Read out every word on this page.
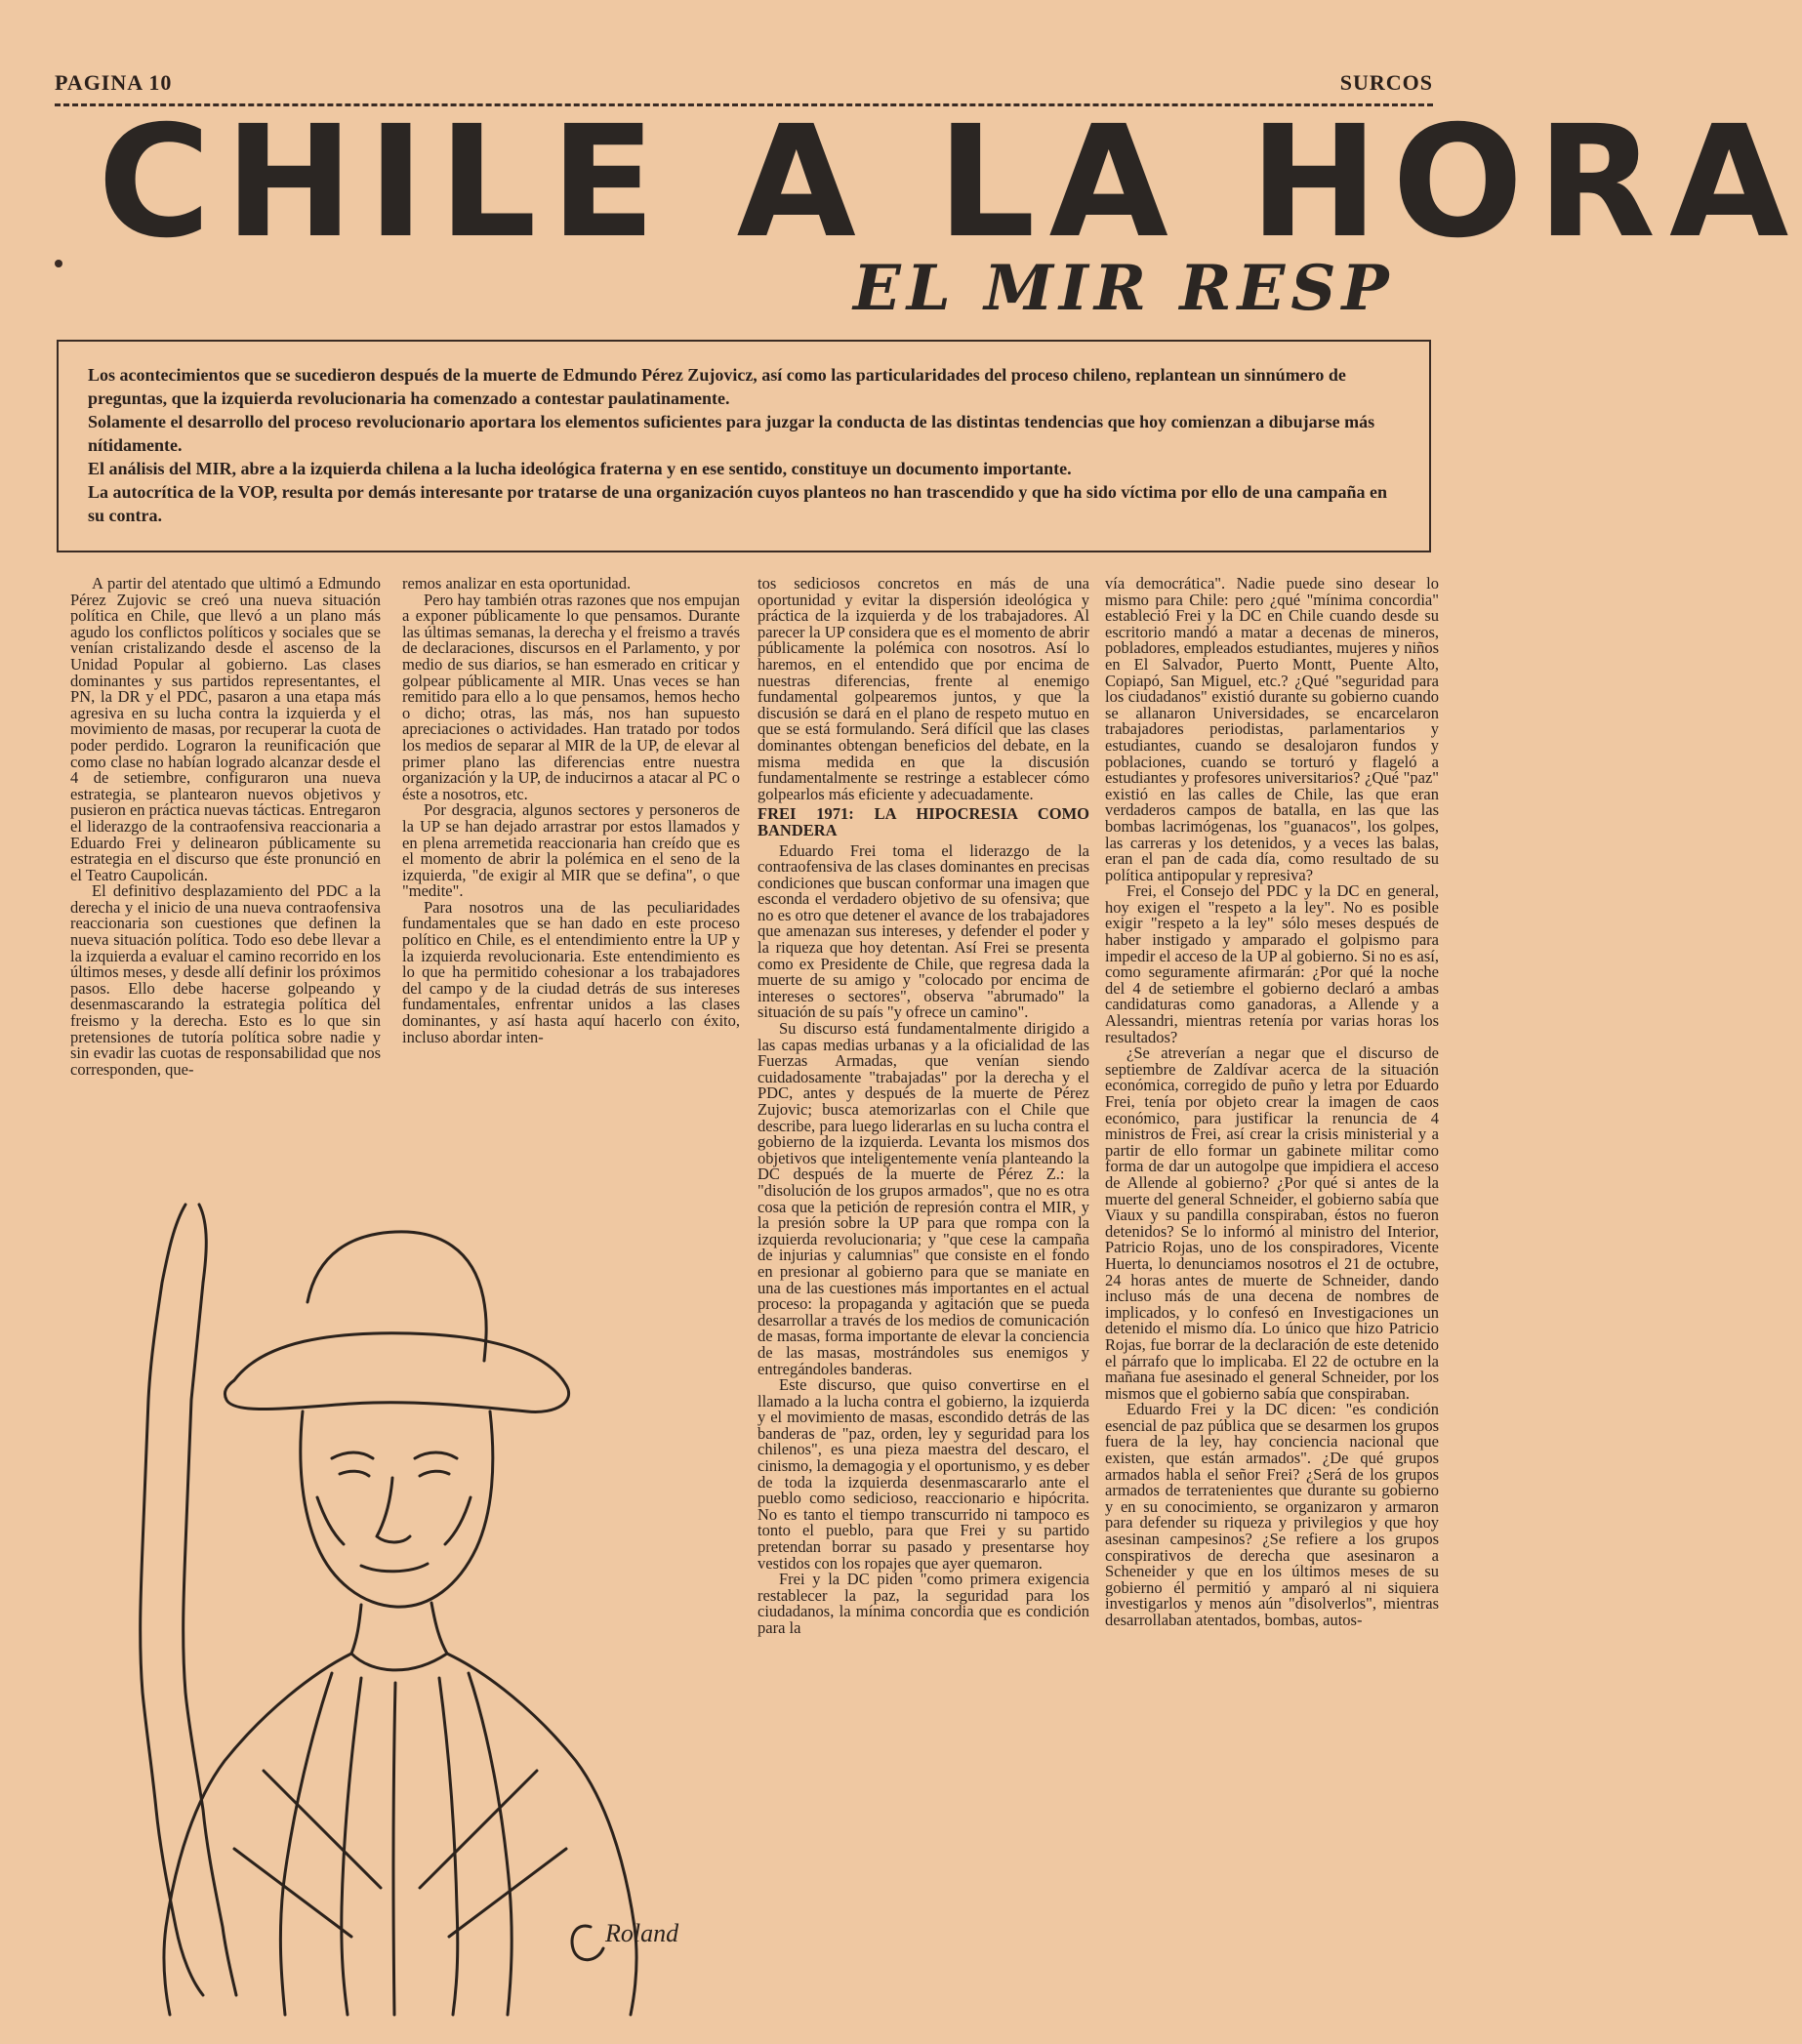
PAGINA 10	SURCOS
CHILE A LA HORA
EL MIR RESP

Los acontecimientos que se sucedieron después de la muerte de Edmundo Pérez Zujovicz, así como las particularidades del proceso chileno, replantean un sinnúmero de preguntas, que la izquierda revolucionaria ha comenzado a contestar paulatinamente.

Solamente el desarrollo del proceso revolucionario aportara los elementos suficientes para juzgar la conducta de las distintas tendencias que hoy comienzan a dibujarse más nítidamente.

El análisis del MIR, abre a la izquierda chilena a la lucha ideológica fraterna y en ese sentido, constituye un documento importante.

La autocrítica de la VOP, resulta por demás interesante por tratarse de una organización cuyos planteos no han trascendido y que ha sido víctima por ello de una campaña en su contra.

A partir del atentado que ultimó a Edmundo Pérez Zujovic se creó una nueva situación política en Chile, que llevó a un plano más agudo los conflictos políticos y sociales que se venían cristalizando desde el ascenso de la Unidad Popular al gobierno. Las clases dominantes y sus partidos representantes, el PN, la DR y el PDC, pasaron a una etapa más agresiva en su lucha contra la izquierda y el movimiento de masas, por recuperar la cuota de poder perdido. Lograron la reunificación que como clase no habían logrado alcanzar desde el 4 de setiembre, configuraron una nueva estrategia, se plantearon nuevos objetivos y pusieron en práctica nuevas tácticas. Entregaron el liderazgo de la contraofensiva reaccionaria a Eduardo Frei y delinearon públicamente su estrategia en el discurso que éste pronunció en el Teatro Caupolicán.

El definitivo desplazamiento del PDC a la derecha y el inicio de una nueva contraofensiva reaccionaria son cuestiones que definen la nueva situación política. Todo eso debe llevar a la izquierda a evaluar el camino recorrido en los últimos meses, y desde allí definir los próximos pasos. Ello debe hacerse golpeando y desenmascarando la estrategia política del freismo y la derecha. Esto es lo que sin pretensiones de tutoría política sobre nadie y sin evadir las cuotas de responsabilidad que nos corresponden, que-

remos analizar en esta oportunidad.

Pero hay también otras razones que nos empujan a exponer públicamente lo que pensamos. Durante las últimas semanas, la derecha y el freismo a través de declaraciones, discursos en el Parlamento, y por medio de sus diarios, se han esmerado en criticar y golpear públicamente al MIR. Unas veces se han remitido para ello a lo que pensamos, hemos hecho o dicho; otras, las más, nos han supuesto apreciaciones o actividades. Han tratado por todos los medios de separar al MIR de la UP, de elevar al primer plano las diferencias entre nuestra organización y la UP, de inducirnos a atacar al PC o éste a nosotros, etc.

Por desgracia, algunos sectores y personeros de la UP se han dejado arrastrar por estos llamados y en plena arremetida reaccionaria han creído que es el momento de abrir la polémica en el seno de la izquierda, "de exigir al MIR que se defina", o que "medite".

Para nosotros una de las peculiaridades fundamentales que se han dado en este proceso político en Chile, es el entendimiento entre la UP y la izquierda revolucionaria. Este entendimiento es lo que ha permitido cohesionar a los trabajadores del campo y de la ciudad detrás de sus intereses fundamentales, enfrentar unidos a las clases dominantes, y así hasta aquí hacerlo con éxito, incluso abordar inten-

tos sediciosos concretos en más de una oportunidad y evitar la dispersión ideológica y práctica de la izquierda y de los trabajadores. Al parecer la UP considera que es el momento de abrir públicamente la polémica con nosotros. Así lo haremos, en el entendido que por encima de nuestras diferencias, frente al enemigo fundamental golpearemos juntos, y que la discusión se dará en el plano de respeto mutuo en que se está formulando. Será difícil que las clases dominantes obtengan beneficios del debate, en la misma medida en que la discusión fundamentalmente se restringe a establecer cómo golpearlos más eficiente y adecuadamente.

FREI 1971: LA HIPOCRESIA COMO BANDERA

Eduardo Frei toma el liderazgo de la contraofensiva de las clases dominantes en precisas condiciones que buscan conformar una imagen que esconda el verdadero objetivo de su ofensiva; que no es otro que detener el avance de los trabajadores que amenazan sus intereses, y defender el poder y la riqueza que hoy detentan. Así Frei se presenta como ex Presidente de Chile, que regresa dada la muerte de su amigo y "colocado por encima de intereses o sectores", observa "abrumado" la situación de su país "y ofrece un camino".

Su discurso está fundamentalmente dirigido a las capas medias urbanas y a la oficialidad de las Fuerzas Armadas, que venían siendo cuidadosamente "trabajadas" por la derecha y el PDC, antes y después de la muerte de Pérez Zujovic; busca atemorizarlas con el Chile que describe, para luego liderarlas en su lucha contra el gobierno de la izquierda. Levanta los mismos dos objetivos que inteligentemente venía planteando la DC después de la muerte de Pérez Z.: la "disolución de los grupos armados", que no es otra cosa que la petición de represión contra el MIR, y la presión sobre la UP para que rompa con la izquierda revolucionaria; y "que cese la campaña de injurias y calumnias" que consiste en el fondo en presionar al gobierno para que se maniate en una de las cuestiones más importantes en el actual proceso: la propaganda y agitación que se pueda desarrollar a través de los medios de comunicación de masas, forma importante de elevar la conciencia de las masas, mostrándoles sus enemigos y entregándoles banderas.

Este discurso, que quiso convertirse en el llamado a la lucha contra el gobierno, la izquierda y el movimiento de masas, escondido detrás de las banderas de "paz, orden, ley y seguridad para los chilenos", es una pieza maestra del descaro, el cinismo, la demagogia y el oportunismo, y es deber de toda la izquierda desenmascararlo ante el pueblo como sedicioso, reaccionario e hipócrita. No es tanto el tiempo transcurrido ni tampoco es tonto el pueblo, para que Frei y su partido pretendan borrar su pasado y presentarse hoy vestidos con los ropajes que ayer quemaron.

Frei y la DC piden "como primera exigencia restablecer la paz, la seguridad para los ciudadanos, la mínima concordia que es condición para la

vía democrática". Nadie puede sino desear lo mismo para Chile: pero ¿qué "mínima concordia" estableció Frei y la DC en Chile cuando desde su escritorio mandó a matar a decenas de mineros, pobladores, empleados estudiantes, mujeres y niños en El Salvador, Puerto Montt, Puente Alto, Copiapó, San Miguel, etc.? ¿Qué "seguridad para los ciudadanos" existió durante su gobierno cuando se allanaron Universidades, se encarcelaron trabajadores periodistas, parlamentarios y estudiantes, cuando se desalojaron fundos y poblaciones, cuando se torturó y flageló a estudiantes y profesores universitarios? ¿Qué "paz" existió en las calles de Chile, las que eran verdaderos campos de batalla, en las que las bombas lacrimógenas, los "guanacos", los golpes, las carreras y los detenidos, y a veces las balas, eran el pan de cada día, como resultado de su política antipopular y represiva?

Frei, el Consejo del PDC y la DC en general, hoy exigen el "respeto a la ley". No es posible exigir "respeto a la ley" sólo meses después de haber instigado y amparado el golpismo para impedir el acceso de la UP al gobierno. Si no es así, como seguramente afirmarán: ¿Por qué la noche del 4 de setiembre el gobierno declaró a ambas candidaturas como ganadoras, a Allende y a Alessandri, mientras retenía por varias horas los resultados?

¿Se atreverían a negar que el discurso de septiembre de Zaldívar acerca de la situación económica, corregido de puño y letra por Eduardo Frei, tenía por objeto crear la imagen de caos económico, para justificar la renuncia de 4 ministros de Frei, así crear la crisis ministerial y a partir de ello formar un gabinete militar como forma de dar un autogolpe que impidiera el acceso de Allende al gobierno? ¿Por qué si antes de la muerte del general Schneider, el gobierno sabía que Viaux y su pandilla conspiraban, éstos no fueron detenidos? Se lo informó al ministro del Interior, Patricio Rojas, uno de los conspiradores, Vicente Huerta, lo denunciamos nosotros el 21 de octubre, 24 horas antes de muerte de Schneider, dando incluso más de una decena de nombres de implicados, y lo confesó en Investigaciones un detenido el mismo día. Lo único que hizo Patricio Rojas, fue borrar de la declaración de este detenido el párrafo que lo implicaba. El 22 de octubre en la mañana fue asesinado el general Schneider, por los mismos que el gobierno sabía que conspiraban.

Eduardo Frei y la DC dicen: "es condición esencial de paz pública que se desarmen los grupos fuera de la ley, hay conciencia nacional que existen, que están armados". ¿De qué grupos armados habla el señor Frei? ¿Será de los grupos armados de terratenientes que durante su gobierno y en su conocimiento, se organizaron y armaron para defender su riqueza y privilegios y que hoy asesinan campesinos? ¿Se refiere a los grupos conspirativos de derecha que asesinaron a Scheneider y que en los últimos meses de su gobierno él permitió y amparó al ni siquiera investigarlos y menos aún "disolverlos", mientras desarrollaban atentados, bombas, autos-

Roland
